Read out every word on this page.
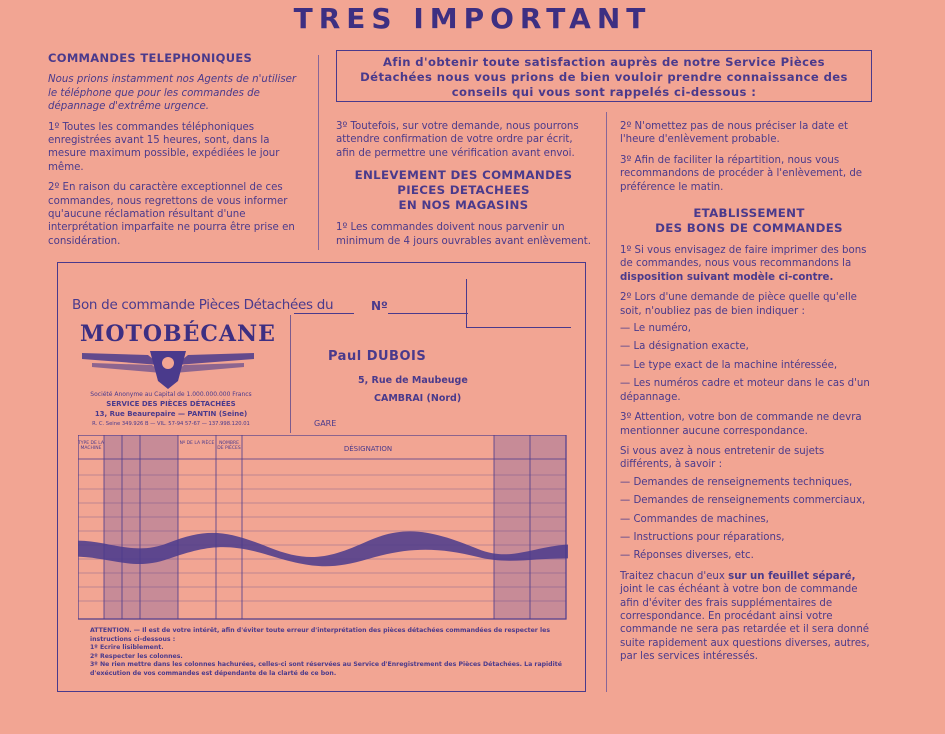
TRES IMPORTANT
COMMANDES TELEPHONIQUES

Nous prions instamment nos Agents de n'utiliser le téléphone que pour les commandes de dépannage d'extrême urgence.

1º Toutes les commandes téléphoniques enregistrées avant 15 heures, sont, dans la mesure maximum possible, expédiées le jour même.

2º En raison du caractère exceptionnel de ces commandes, nous regrettons de vous informer qu'aucune réclamation résultant d'une interprétation imparfaite ne pourra être prise en considération.

Afin d'obtenir toute satisfaction auprès de notre Service Pièces Détachées nous vous prions de bien vouloir prendre connaissance des conseils qui vous sont rappelés ci-dessous :

3º Toutefois, sur votre demande, nous pourrons attendre confirmation de votre ordre par écrit, afin de permettre une vérification avant envoi.

ENLEVEMENT DES COMMANDES
PIECES DETACHEES
EN NOS MAGASINS

1º Les commandes doivent nous parvenir un minimum de 4 jours ouvrables avant enlèvement.

2º N'omettez pas de nous préciser la date et l'heure d'enlèvement probable.

3º Afin de faciliter la répartition, nous vous recommandons de procéder à l'enlèvement, de préférence le matin.

ETABLISSEMENT
DES BONS DE COMMANDES

1º Si vous envisagez de faire imprimer des bons de commandes, nous vous recommandons la disposition suivant modèle ci-contre.

2º Lors d'une demande de pièce quelle qu'elle soit, n'oubliez pas de bien indiquer :

— Le numéro,
— La désignation exacte,
— Le type exact de la machine intéressée,
— Les numéros cadre et moteur dans le cas d'un dépannage.

3º Attention, votre bon de commande ne devra mentionner aucune correspondance.

Si vous avez à nous entretenir de sujets différents, à savoir :

— Demandes de renseignements techniques,
— Demandes de renseignements commerciaux,
— Commandes de machines,
— Instructions pour réparations,
— Réponses diverses, etc.

Traitez chacun d'eux sur un feuillet séparé, joint le cas échéant à votre bon de commande afin d'éviter des frais supplémentaires de correspondance. En procédant ainsi votre commande ne sera pas retardée et il sera donné suite rapidement aux questions diverses, autres, par les services intéressés.

Bon de commande Pièces Détachées du	Nº
MOTOBÉCANE
Société Anonyme au Capital de 1.000.000.000 Francs
SERVICE DES PIÈCES DÉTACHÉES
13, Rue Beaurepaire — PANTIN (Seine)
R. C. Seine 349.926 B — VIL. 57-94 57-67 — 137.998.120.01
Paul DUBOIS
5, Rue de Maubeuge
CAMBRAI (Nord)
GARE
TYPE DE LA MACHINE
Nº DE LA PIÈCE	NOMBRE DE PIÈCES	DÉSIGNATION
ATTENTION. — Il est de votre intérêt, afin d'éviter toute erreur d'interprétation des pièces détachées commandées de respecter les instructions ci-dessous :
1º Ecrire lisiblement.
2º Respecter les colonnes.
3º Ne rien mettre dans les colonnes hachurées, celles-ci sont réservées au Service d'Enregistrement des Pièces Détachées. La rapidité d'exécution de vos commandes est dépendante de la clarté de ce bon.
